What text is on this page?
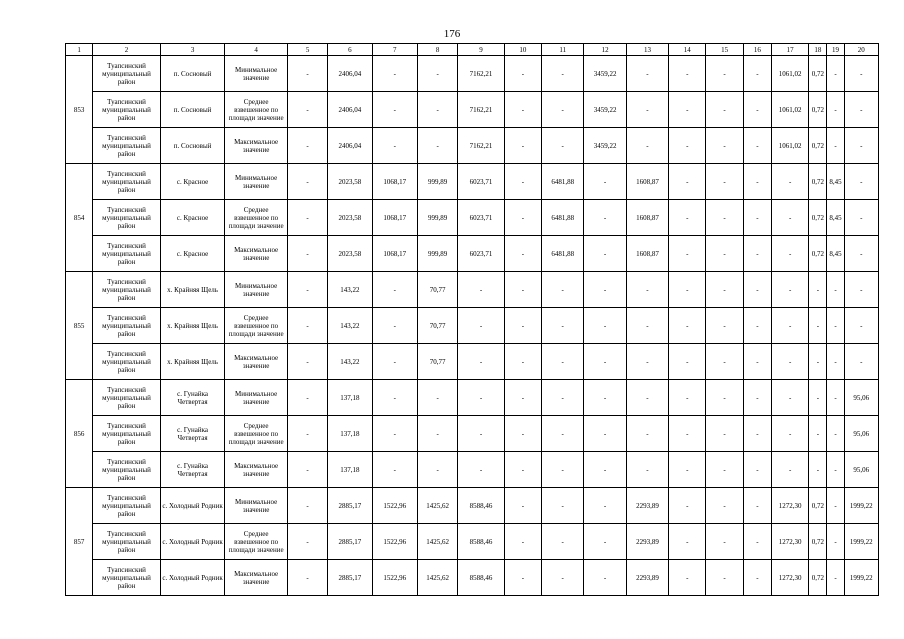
176
1	2	3	4	5	6	7	8	9	10	11	12	13	14	15	16	17	18	19	20
853	Туапсинский муниципальный район	п. Сосновый	Минимальное значение	-	2406,04	-	-	7162,21	-	-	3459,22	-	-	-	-	1061,02	0,72	-	-
	Туапсинский муниципальный район	п. Сосновый	Среднее взвешенное по площади значение	-	2406,04	-	-	7162,21	-	-	3459,22	-	-	-	-	1061,02	0,72	-	-
	Туапсинский муниципальный район	п. Сосновый	Максимальное значение	-	2406,04	-	-	7162,21	-	-	3459,22	-	-	-	-	1061,02	0,72	-	-
854	Туапсинский муниципальный район	с. Красное	Минимальное значение	-	2023,58	1068,17	999,89	6023,71	-	6481,88	-	1608,87	-	-	-	-	0,72	8,45	-
	Туапсинский муниципальный район	с. Красное	Среднее взвешенное по площади значение	-	2023,58	1068,17	999,89	6023,71	-	6481,88	-	1608,87	-	-	-	-	0,72	8,45	-
	Туапсинский муниципальный район	с. Красное	Максимальное значение	-	2023,58	1068,17	999,89	6023,71	-	6481,88	-	1608,87	-	-	-	-	0,72	8,45	-
855	Туапсинский муниципальный район	х. Крайняя Щель	Минимальное значение	-	143,22	-	70,77	-	-	-	-	-	-	-	-	-	-	-	-
	Туапсинский муниципальный район	х. Крайняя Щель	Среднее взвешенное по площади значение	-	143,22	-	70,77	-	-	-	-	-	-	-	-	-	-	-	-
	Туапсинский муниципальный район	х. Крайняя Щель	Максимальное значение	-	143,22	-	70,77	-	-	-	-	-	-	-	-	-	-	-	-
856	Туапсинский муниципальный район	с. Гунайка Четвертая	Минимальное значение	-	137,18	-	-	-	-	-	-	-	-	-	-	-	-	-	95,06
	Туапсинский муниципальный район	с. Гунайка Четвертая	Среднее взвешенное по площади значение	-	137,18	-	-	-	-	-	-	-	-	-	-	-	-	-	95,06
	Туапсинский муниципальный район	с. Гунайка Четвертая	Максимальное значение	-	137,18	-	-	-	-	-	-	-	-	-	-	-	-	-	95,06
857	Туапсинский муниципальный район	с. Холодный Родник	Минимальное значение	-	2885,17	1522,96	1425,62	8588,46	-	-	-	2293,89	-	-	-	1272,30	0,72	-	1999,22
	Туапсинский муниципальный район	с. Холодный Родник	Среднее взвешенное по площади значение	-	2885,17	1522,96	1425,62	8588,46	-	-	-	2293,89	-	-	-	1272,30	0,72	-	1999,22
	Туапсинский муниципальный район	с. Холодный Родник	Максимальное значение	-	2885,17	1522,96	1425,62	8588,46	-	-	-	2293,89	-	-	-	1272,30	0,72	-	1999,22
